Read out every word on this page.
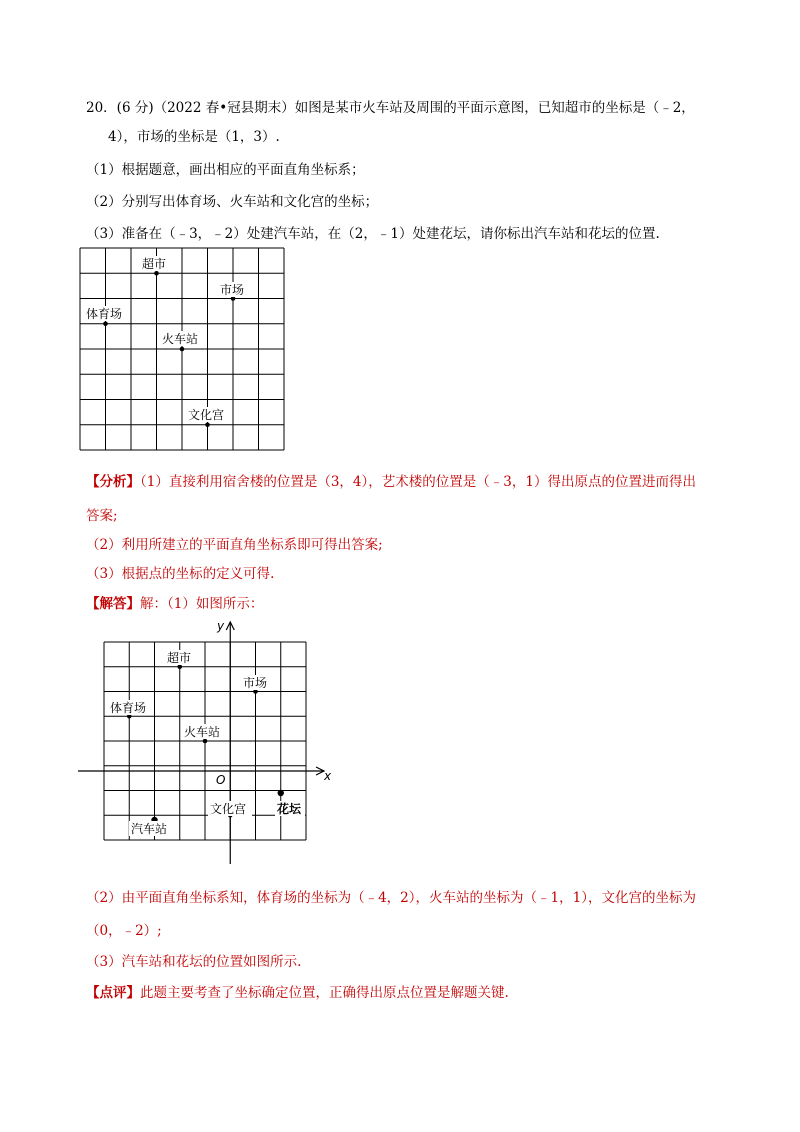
20．(6 分)（2022 春•冠县期末）如图是某市火车站及周围的平面示意图，已知超市的坐标是（﹣2，
4），市场的坐标是（1，3）.
（1）根据题意，画出相应的平面直角坐标系；
（2）分别写出体育场、火车站和文化宫的坐标；
（3）准备在（﹣3，﹣2）处建汽车站，在（2，﹣1）处建花坛，请你标出汽车站和花坛的位置.
超市
市场
体育场
火车站
文化宫
【分析】（1）直接利用宿舍楼的位置是（3，4），艺术楼的位置是（﹣3，1）得出原点的位置进而得出
答案;
（2）利用所建立的平面直角坐标系即可得出答案;
（3）根据点的坐标的定义可得.
【解答】解：（1）如图所示：
y
x
O
超市
市场
体育场
火车站
文化宫
汽车站
花坛
（2）由平面直角坐标系知，体育场的坐标为（﹣4，2），火车站的坐标为（﹣1，1），文化宫的坐标为
（0，﹣2）;
（3）汽车站和花坛的位置如图所示.
【点评】此题主要考查了坐标确定位置，正确得出原点位置是解题关键.
